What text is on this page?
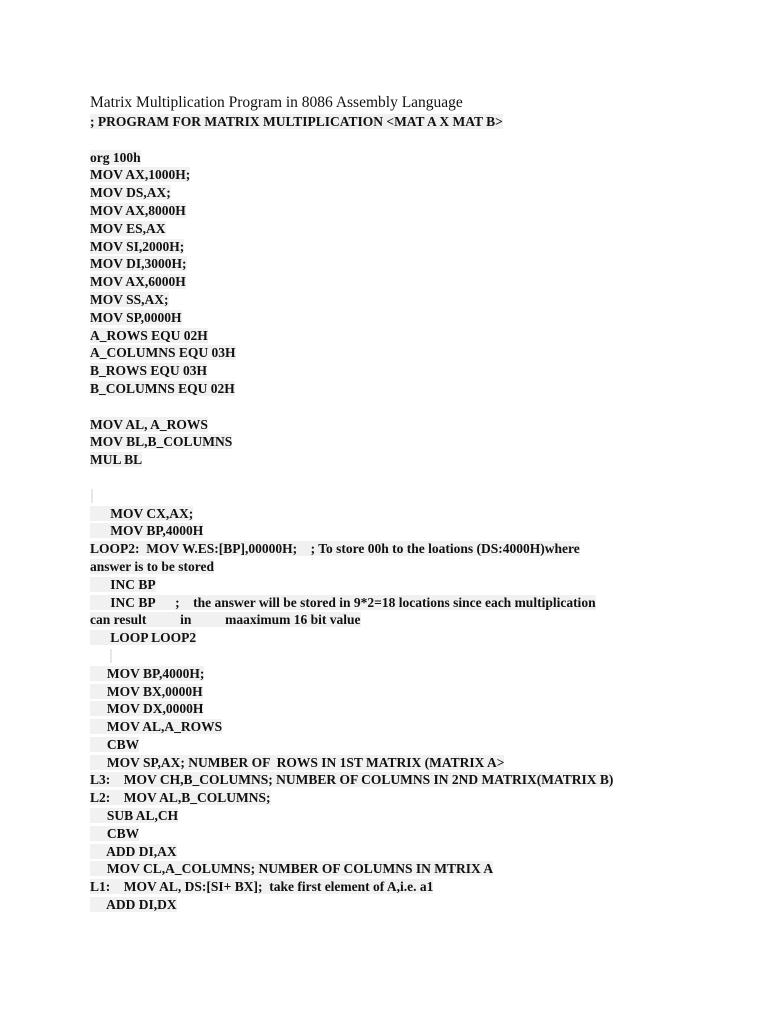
Matrix Multiplication Program in 8086 Assembly Language
; PROGRAM FOR MATRIX MULTIPLICATION <MAT A X MAT B>
org 100h
MOV AX,1000H;
MOV DS,AX;
MOV AX,8000H
MOV ES,AX
MOV SI,2000H;
MOV DI,3000H;
MOV AX,6000H
MOV SS,AX;
MOV SP,0000H
A_ROWS EQU 02H
A_COLUMNS EQU 03H
B_ROWS EQU 03H
B_COLUMNS EQU 02H
MOV AL, A_ROWS
MOV BL,B_COLUMNS
MUL BL
MOV CX,AX;
MOV BP,4000H
LOOP2:  MOV W.ES:[BP],00000H;    ; To store 00h to the loations (DS:4000H)where
answer is to be stored
INC BP
INC BP      ;    the answer will be stored in 9*2=18 locations since each multiplication
can result          in          maaximum 16 bit value
LOOP LOOP2
MOV BP,4000H;
MOV BX,0000H
MOV DX,0000H
MOV AL,A_ROWS
CBW
MOV SP,AX; NUMBER OF  ROWS IN 1ST MATRIX (MATRIX A>
L3:    MOV CH,B_COLUMNS; NUMBER OF COLUMNS IN 2ND MATRIX(MATRIX B)
L2:    MOV AL,B_COLUMNS;
SUB AL,CH
CBW
ADD DI,AX
MOV CL,A_COLUMNS; NUMBER OF COLUMNS IN MTRIX A
L1:    MOV AL, DS:[SI+ BX];  take first element of A,i.e. a1
ADD DI,DX
